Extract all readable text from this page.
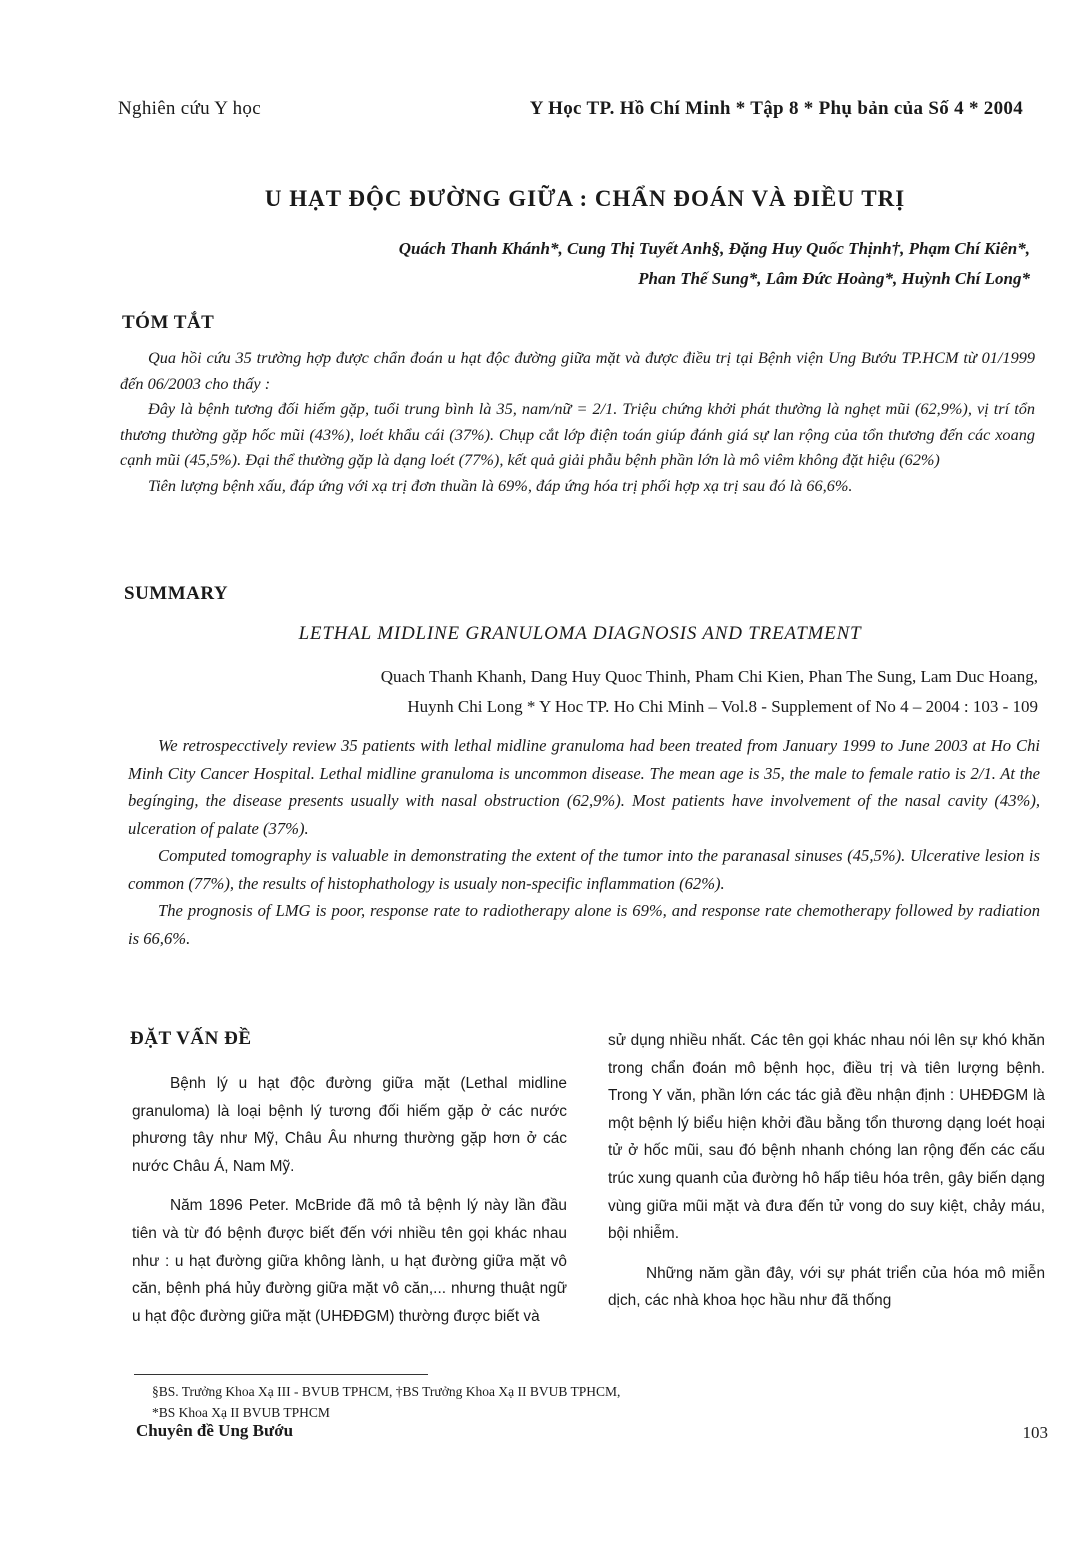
Nghiên cứu Y học	Y Học TP. Hồ Chí Minh * Tập 8 * Phụ bản của Số 4 * 2004
U HẠT ĐỘC ĐƯỜNG GIỮA : CHẨN ĐOÁN VÀ ĐIỀU TRỊ

Quách Thanh Khánh*, Cung Thị Tuyết Anh§, Đặng Huy Quốc Thịnh†, Phạm Chí Kiên*,

Phan Thế Sung*, Lâm Đức Hoàng*, Huỳnh Chí Long*

TÓM TẮT

Qua hồi cứu 35 trường hợp được chẩn đoán u hạt độc đường giữa mặt và được điều trị tại Bệnh viện Ung Bướu TP.HCM từ 01/1999 đến 06/2003 cho thấy :

Đây là bệnh tương đối hiếm gặp, tuổi trung bình là 35, nam/nữ = 2/1. Triệu chứng khởi phát thường là nghẹt mũi (62,9%), vị trí tổn thương thường gặp hốc mũi (43%), loét khẩu cái (37%). Chụp cắt lớp điện toán giúp đánh giá sự lan rộng của tổn thương đến các xoang cạnh mũi (45,5%). Đại thể thường gặp là dạng loét (77%), kết quả giải phẫu bệnh phần lớn là mô viêm không đặt hiệu (62%)

Tiên lượng bệnh xấu, đáp ứng với xạ trị đơn thuần là 69%, đáp ứng hóa trị phối hợp xạ trị sau đó là 66,6%.

SUMMARY
LETHAL MIDLINE GRANULOMA DIAGNOSIS AND TREATMENT

Quach Thanh Khanh, Dang Huy Quoc Thinh, Pham Chi Kien, Phan The Sung, Lam Duc Hoang,

Huynh Chi Long * Y Hoc TP. Ho Chi Minh – Vol.8 - Supplement of No 4 – 2004 : 103 - 109

We retrospecctively review 35 patients with lethal midline granuloma had been treated from January 1999 to June 2003 at Ho Chi Minh City Cancer Hospital. Lethal midline granuloma is uncommon disease. The mean age is 35, the male to female ratio is 2/1. At the begínging, the disease presents usually with nasal obstruction (62,9%). Most patients have involvement of the nasal cavity (43%), ulceration of palate (37%).

Computed tomography is valuable in demonstrating the extent of the tumor into the paranasal sinuses (45,5%). Ulcerative lesion is common (77%), the results of histophathology is usualy non-specific inflammation (62%).

The prognosis of LMG is poor, response rate to radiotherapy alone is 69%, and response rate chemotherapy followed by radiation is 66,6%.

ĐẶT VẤN ĐỀ

Bệnh lý u hạt độc đường giữa mặt (Lethal midline granuloma) là loại bệnh lý tương đối hiếm gặp ở các nước phương tây như Mỹ, Châu Âu nhưng thường gặp hơn ở các nước Châu Á, Nam Mỹ.

Năm 1896 Peter. McBride đã mô tả bệnh lý này lần đầu tiên và từ đó bệnh được biết đến với nhiều tên gọi khác nhau như : u hạt đường giữa không lành, u hạt đường giữa mặt vô căn, bệnh phá hủy đường giữa mặt vô căn,... nhưng thuật ngữ u hạt độc đường giữa mặt (UHĐĐGM) thường được biết và

sử dụng nhiều nhất. Các tên gọi khác nhau nói lên sự khó khăn trong chẩn đoán mô bệnh học, điều trị và tiên lượng bệnh. Trong Y văn, phần lớn các tác giả đều nhận định : UHĐĐGM là một bệnh lý biểu hiện khởi đầu bằng tổn thương dạng loét hoại tử ở hốc mũi, sau đó bệnh nhanh chóng lan rộng đến các cấu trúc xung quanh của đường hô hấp tiêu hóa trên, gây biến dạng vùng giữa mũi mặt và đưa đến tử vong do suy kiệt, chảy máu, bội nhiễm.

Những năm gần đây, với sự phát triển của hóa mô miễn dịch, các nhà khoa học hầu như đã thống

§BS. Trưởng Khoa Xạ III - BVUB TPHCM, †BS Trưởng Khoa Xạ II BVUB TPHCM,

*BS Khoa Xạ II BVUB TPHCM

Chuyên đề Ung Bướu	103
